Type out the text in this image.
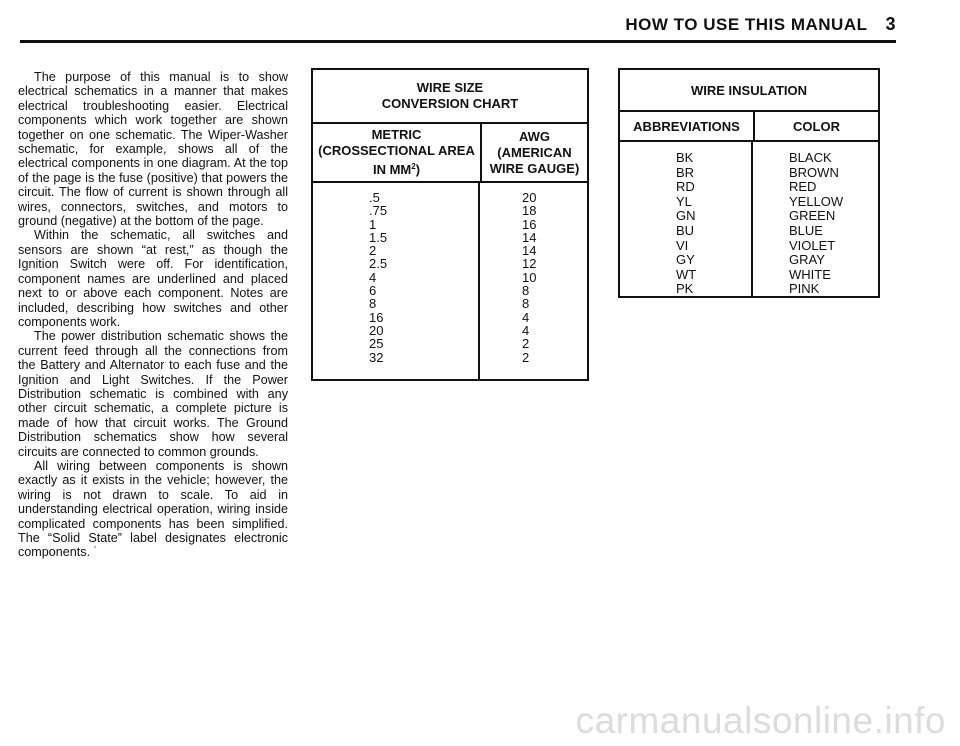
HOW TO USE THIS MANUAL 3

The purpose of this manual is to show electrical schematics in a manner that makes electrical troubleshooting easier. Electrical components which work together are shown together on one schematic. The Wiper-Washer schematic, for example, shows all of the electrical components in one diagram. At the top of the page is the fuse (positive) that powers the circuit. The flow of current is shown through all wires, connectors, switches, and motors to ground (negative) at the bottom of the page.

Within the schematic, all switches and sensors are shown “at rest,” as though the Ignition Switch were off. For identification, component names are underlined and placed next to or above each component. Notes are included, describing how switches and other components work.

The power distribution schematic shows the current feed through all the connections from the Battery and Alternator to each fuse and the Ignition and Light Switches. If the Power Distribution schematic is combined with any other circuit schematic, a complete picture is made of how that circuit works. The Ground Distribution schematics show how several circuits are connected to common grounds.

All wiring between components is shown exactly as it exists in the vehicle; however, the wiring is not drawn to scale. To aid in understanding electrical operation, wiring inside complicated components has been simplified. The “Solid State” label designates electronic components. ˙

WIRE SIZE
CONVERSION CHART
METRIC
(CROSSECTIONAL AREA
IN $MM^2$)
AWG
(AMERICAN
WIRE GAUGE)
.5
.75
1
1.5
2
2.5
4
6
8
16
20
25
32
20
18
16
14
14
12
10
8
8
4
4
2
2
WIRE INSULATION
ABBREVIATIONS	COLOR
BK
BR
RD
YL
GN
BU
VI
GY
WT
PK
BLACK
BROWN
RED
YELLOW
GREEN
BLUE
VIOLET
GRAY
WHITE
PINK
carmanualsonline.info
